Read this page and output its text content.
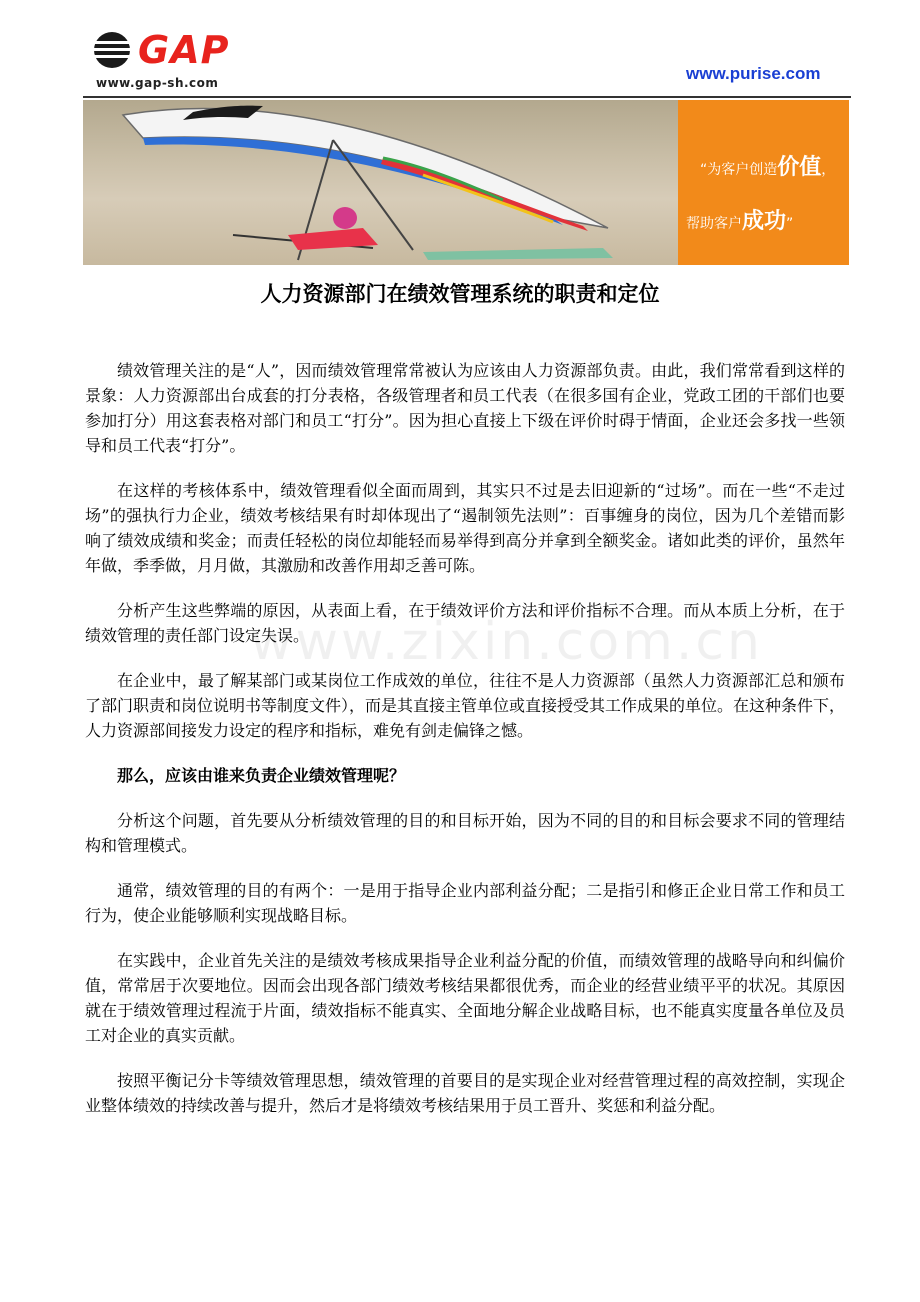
GAP
www.gap-sh.com	www.purise.com
“为客户创造价值，
帮助客户成功”
人力资源部门在绩效管理系统的职责和定位

绩效管理关注的是“人”，因而绩效管理常常被认为应该由人力资源部负责。由此，我们常常看到这样的景象：人力资源部出台成套的打分表格，各级管理者和员工代表（在很多国有企业，党政工团的干部们也要参加打分）用这套表格对部门和员工“打分”。因为担心直接上下级在评价时碍于情面，企业还会多找一些领导和员工代表“打分”。

在这样的考核体系中，绩效管理看似全面而周到，其实只不过是去旧迎新的“过场”。而在一些“不走过场”的强执行力企业，绩效考核结果有时却体现出了“遏制领先法则”：百事缠身的岗位，因为几个差错而影响了绩效成绩和奖金；而责任轻松的岗位却能轻而易举得到高分并拿到全额奖金。诸如此类的评价，虽然年年做，季季做，月月做，其激励和改善作用却乏善可陈。

分析产生这些弊端的原因，从表面上看，在于绩效评价方法和评价指标不合理。而从本质上分析，在于绩效管理的责任部门设定失误。

在企业中，最了解某部门或某岗位工作成效的单位，往往不是人力资源部（虽然人力资源部汇总和颁布了部门职责和岗位说明书等制度文件），而是其直接主管单位或直接授受其工作成果的单位。在这种条件下，人力资源部间接发力设定的程序和指标，难免有剑走偏锋之憾。

那么，应该由谁来负责企业绩效管理呢？

分析这个问题，首先要从分析绩效管理的目的和目标开始，因为不同的目的和目标会要求不同的管理结构和管理模式。

通常，绩效管理的目的有两个：一是用于指导企业内部利益分配；二是指引和修正企业日常工作和员工行为，使企业能够顺利实现战略目标。

在实践中，企业首先关注的是绩效考核成果指导企业利益分配的价值，而绩效管理的战略导向和纠偏价值，常常居于次要地位。因而会出现各部门绩效考核结果都很优秀，而企业的经营业绩平平的状况。其原因就在于绩效管理过程流于片面，绩效指标不能真实、全面地分解企业战略目标，也不能真实度量各单位及员工对企业的真实贡献。

按照平衡记分卡等绩效管理思想，绩效管理的首要目的是实现企业对经营管理过程的高效控制，实现企业整体绩效的持续改善与提升，然后才是将绩效考核结果用于员工晋升、奖惩和利益分配。

www.zixin.com.cn
